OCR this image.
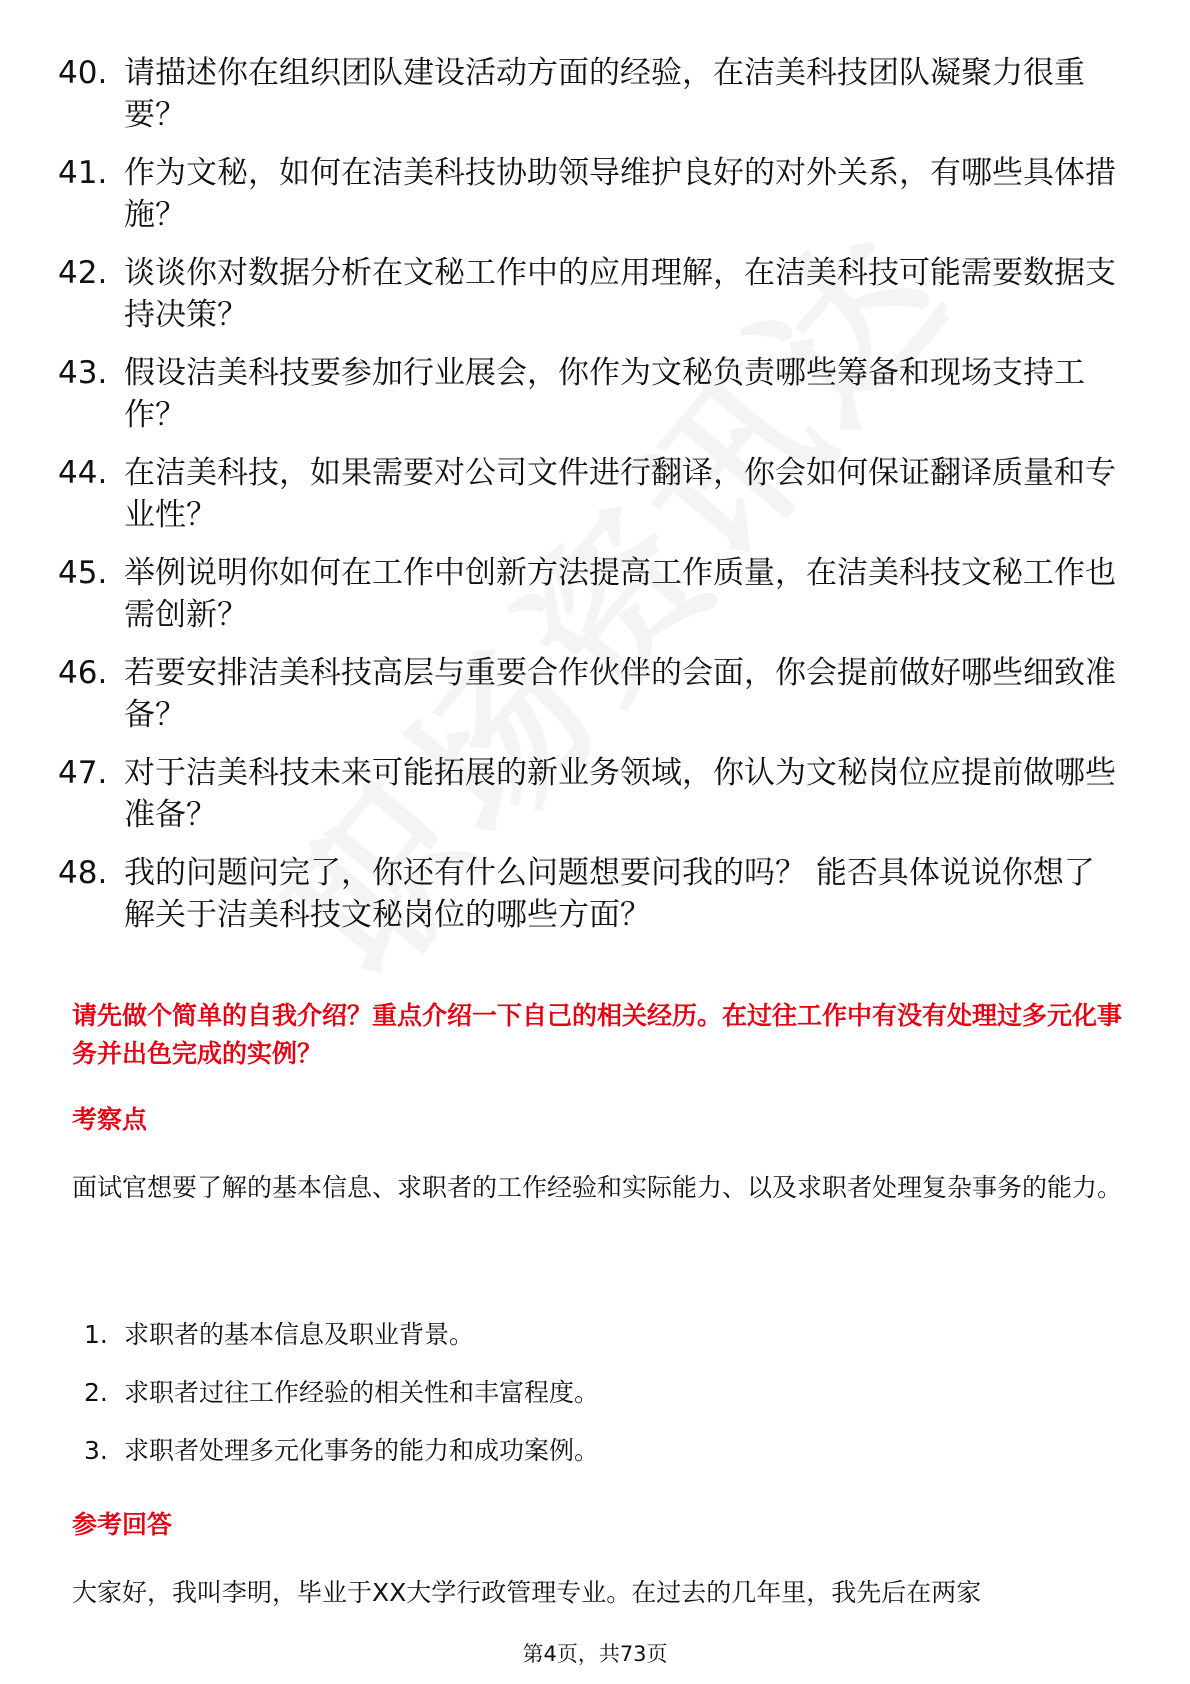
40. 请描述你在组织团队建设活动方面的经验，在洁美科技团队凝聚力很重要？
41. 作为文秘，如何在洁美科技协助领导维护良好的对外关系，有哪些具体措施？
42. 谈谈你对数据分析在文秘工作中的应用理解，在洁美科技可能需要数据支持决策？
43. 假设洁美科技要参加行业展会，你作为文秘负责哪些筹备和现场支持工作？
44. 在洁美科技，如果需要对公司文件进行翻译，你会如何保证翻译质量和专业性？
45. 举例说明你如何在工作中创新方法提高工作质量，在洁美科技文秘工作也需创新？
46. 若要安排洁美科技高层与重要合作伙伴的会面，你会提前做好哪些细致准备？
47. 对于洁美科技未来可能拓展的新业务领域，你认为文秘岗位应提前做哪些准备？
48. 我的问题问完了，你还有什么问题想要问我的吗？ 能否具体说说你想了解关于洁美科技文秘岗位的哪些方面？
请先做个简单的自我介绍？重点介绍一下自己的相关经历。在过往工作中有没有处理过多元化事务并出色完成的实例？
考察点
面试官想要了解的基本信息、求职者的工作经验和实际能力、以及求职者处理复杂事务的能力。
1. 求职者的基本信息及职业背景。
2. 求职者过往工作经验的相关性和丰富程度。
3. 求职者处理多元化事务的能力和成功案例。
参考回答
大家好，我叫李明，毕业于XX大学行政管理专业。在过去的几年里，我先后在两家
第4页，共73页
